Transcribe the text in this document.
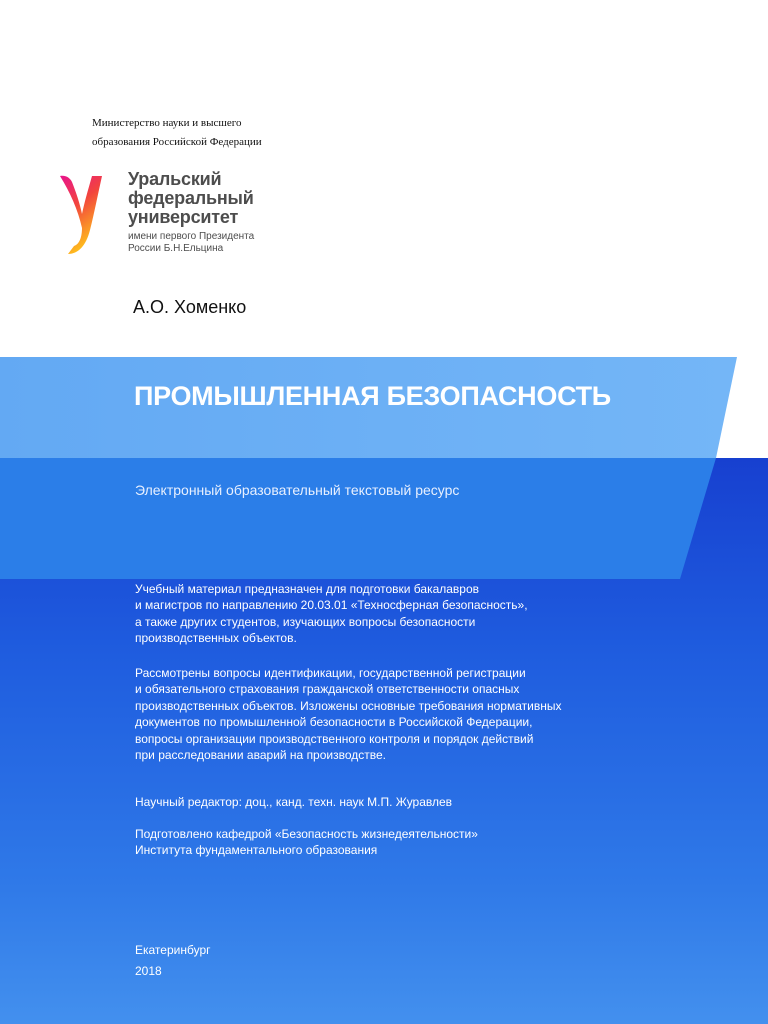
Министерство науки и высшего
образования Российской Федерации
Уральский
федеральный
университет
имени первого Президента
России Б.Н.Ельцина
А.О. Хоменко
ПРОМЫШЛЕННАЯ БЕЗОПАСНОСТЬ
Электронный образовательный текстовый ресурс
Учебный материал предназначен для подготовки бакалавров
и магистров по направлению 20.03.01 «Техносферная безопасность»,
а также других студентов, изучающих вопросы безопасности
производственных объектов.
Рассмотрены вопросы идентификации, государственной регистрации
и обязательного страхования гражданской ответственности опасных
производственных объектов. Изложены основные требования нормативных
документов по промышленной безопасности в Российской Федерации,
вопросы организации производственного контроля и порядок действий
при расследовании аварий на производстве.
Научный редактор: доц., канд. техн. наук М.П. Журавлев
Подготовлено кафедрой «Безопасность жизнедеятельности»
Института фундаментального образования
Екатеринбург
2018
